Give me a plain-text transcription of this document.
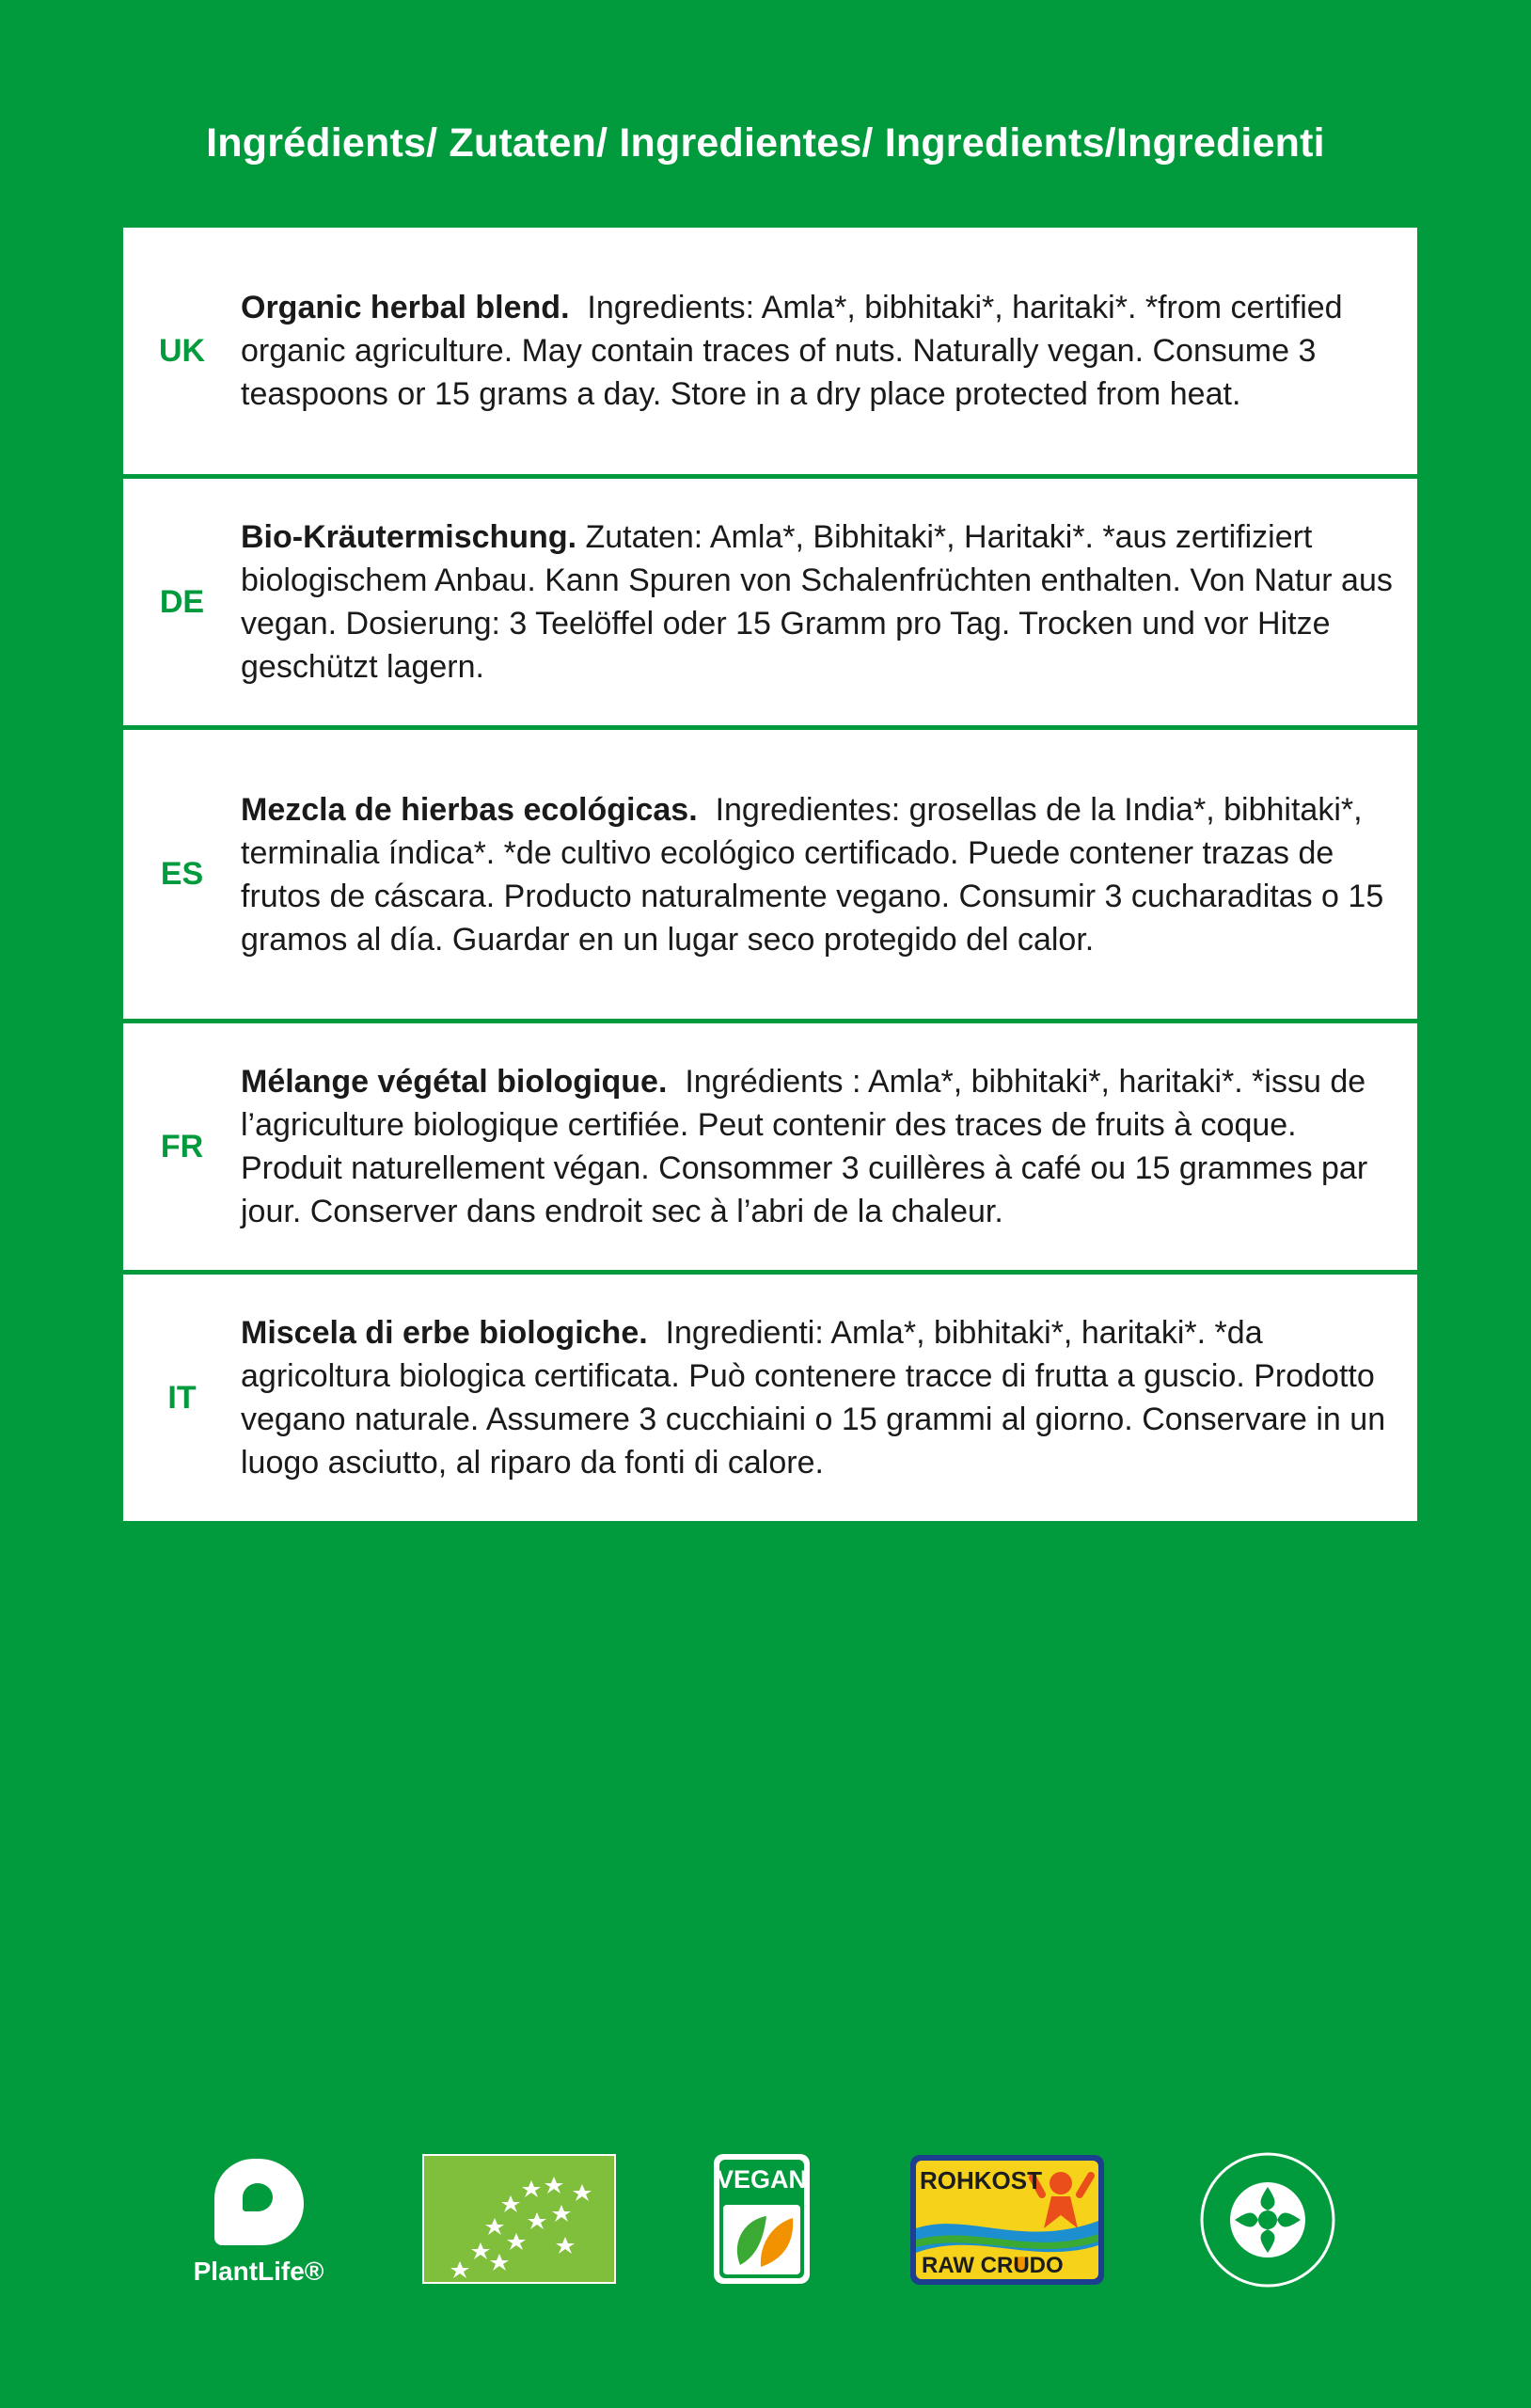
Ingrédients/ Zutaten/ Ingredientes/ Ingredients/Ingredienti
UK
Organic herbal blend. Ingredients: Amla*, bibhitaki*, haritaki*. *from certified organic agriculture. May contain traces of nuts. Naturally vegan. Consume 3 teaspoons or 15 grams a day. Store in a dry place protected from heat.
DE
Bio-Kräutermischung. Zutaten: Amla*, Bibhitaki*, Haritaki*. *aus zertifiziert biologischem Anbau. Kann Spuren von Schalenfrüchten enthalten. Von Natur aus vegan. Dosierung: 3 Teelöffel oder 15 Gramm pro Tag. Trocken und vor Hitze geschützt lagern.
ES
Mezcla de hierbas ecológicas. Ingredientes: grosellas de la India*, bibhitaki*, terminalia índica*. *de cultivo ecológico certificado. Puede contener trazas de frutos de cáscara. Producto naturalmente vegano. Consumir 3 cucharaditas o 15 gramos al día. Guardar en un lugar seco protegido del calor.
FR
Mélange végétal biologique. Ingrédients : Amla*, bibhitaki*, haritaki*. *issu de l’agriculture biologique certifiée. Peut contenir des traces de fruits à coque. Produit naturellement végan. Consommer 3 cuillères à café ou 15 grammes par jour. Conserver dans endroit sec à l’abri de la chaleur.
IT
Miscela di erbe biologiche. Ingredienti: Amla*, bibhitaki*, haritaki*. *da agricoltura biologica certificata. Può contenere tracce di frutta a guscio. Prodotto vegano naturale. Assumere 3 cucchiaini o 15 grammi al giorno. Conservare in un luogo asciutto, al riparo da fonti di calore.
PlantLife®
VEGAN	ROHKOST
RAW CRUDO
